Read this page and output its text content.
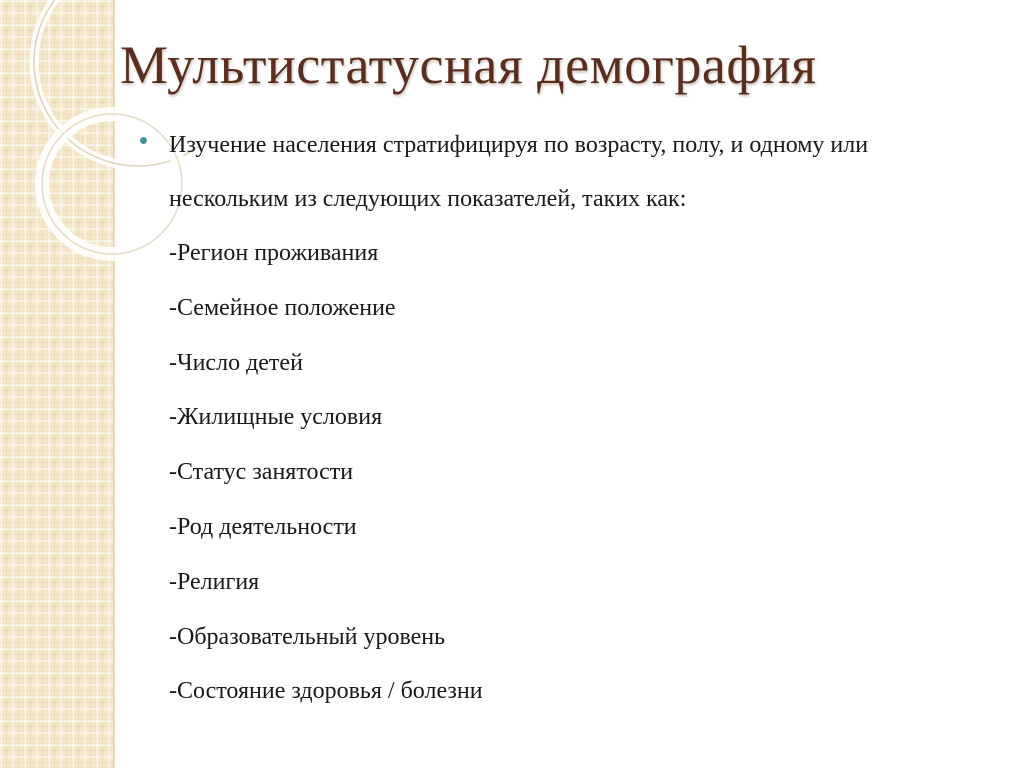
Мультистатусная демография
Изучение населения стратифицируя по возрасту, полу, и одному или
нескольким из следующих показателей, таких как:
-Регион проживания
-Семейное положение
-Число детей
-Жилищные условия
-Статус занятости
-Род деятельности
-Религия
-Образовательный уровень
-Состояние здоровья / болезни
